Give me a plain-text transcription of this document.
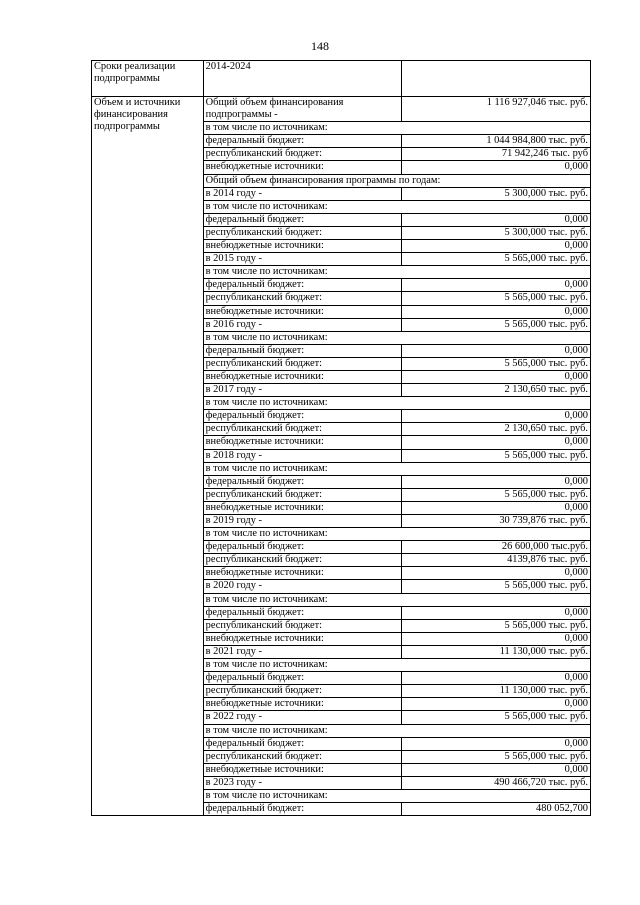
148
Сроки реализации подпрограммы	2014-2024	
Объем и источники финансирования подпрограммы	Общий объем финансирования подпрограммы -	1 116 927,046 тыс. руб.
	в том числе по источникам:	
	федеральный бюджет:	1 044 984,800 тыс. руб.
	республиканский бюджет:	71 942,246 тыс. руб
	внебюджетные источники:	0,000
	Общий объем финансирования программы по годам:	
	в 2014 году -	5 300,000 тыс. руб.
	в том числе по источникам:	
	федеральный бюджет:	0,000
	республиканский бюджет:	5 300,000 тыс. руб.
	внебюджетные источники:	0,000
	в 2015 году -	5 565,000 тыс. руб.
	в том числе по источникам:	
	федеральный бюджет:	0,000
	республиканский бюджет:	5 565,000 тыс. руб.
	внебюджетные источники:	0,000
	в 2016 году -	5 565,000 тыс. руб.
	в том числе по источникам:	
	федеральный бюджет:	0,000
	республиканский бюджет:	5 565,000 тыс. руб.
	внебюджетные источники:	0,000
	в 2017 году -	2 130,650 тыс. руб.
	в том числе по источникам:	
	федеральный бюджет:	0,000
	республиканский бюджет:	2 130,650 тыс. руб.
	внебюджетные источники:	0,000
	в 2018 году -	5 565,000 тыс. руб.
	в том числе по источникам:	
	федеральный бюджет:	0,000
	республиканский бюджет:	5 565,000 тыс. руб.
	внебюджетные источники:	0,000
	в 2019 году -	30 739,876 тыс. руб.
	в том числе по источникам:	
	федеральный бюджет:	26 600,000 тыс.руб.
	республиканский бюджет:	4139,876 тыс. руб.
	внебюджетные источники:	0,000
	в 2020 году -	5 565,000 тыс. руб.
	в том числе по источникам:	
	федеральный бюджет:	0,000
	республиканский бюджет:	5 565,000 тыс. руб.
	внебюджетные источники:	0,000
	в 2021 году -	11 130,000 тыс. руб.
	в том числе по источникам:	
	федеральный бюджет:	0,000
	республиканский бюджет:	11 130,000 тыс. руб.
	внебюджетные источники:	0,000
	в 2022 году -	5 565,000 тыс. руб.
	в том числе по источникам:	
	федеральный бюджет:	0,000
	республиканский бюджет:	5 565,000 тыс. руб.
	внебюджетные источники:	0,000
	в 2023 году -	490 466,720 тыс. руб.
	в том числе по источникам:	
	федеральный бюджет:	480 052,700
